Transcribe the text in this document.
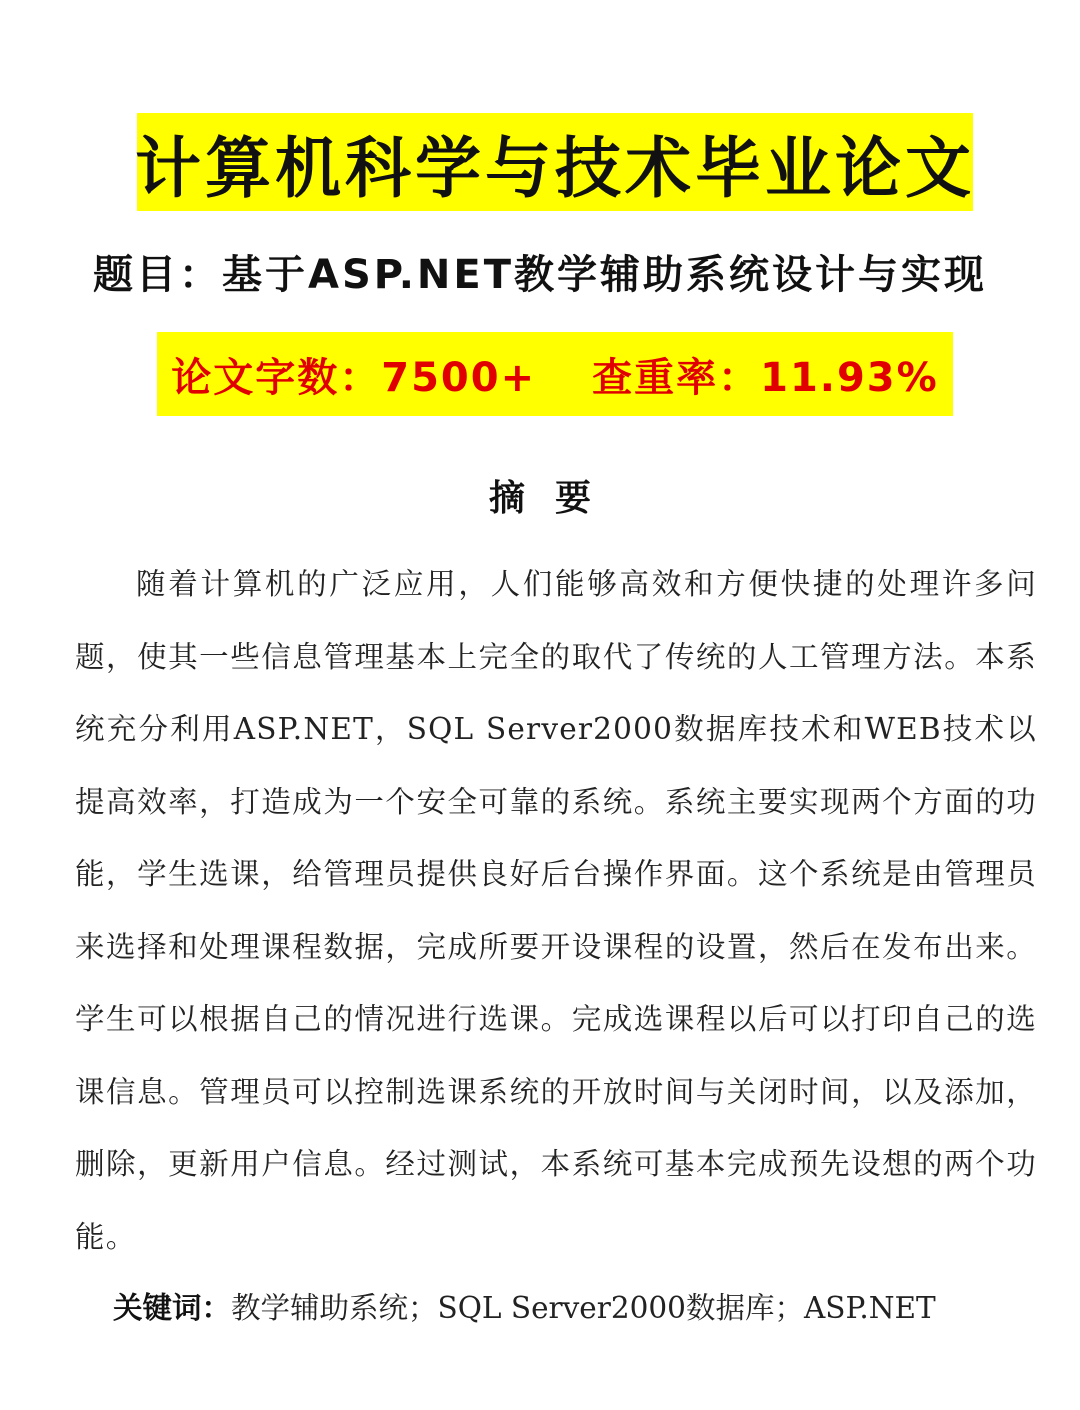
计算机科学与技术毕业论文
题目：基于ASP.NET教学辅助系统设计与实现
论文字数：7500+ 查重率：11.93%
摘要
随着计算机的广泛应用，人们能够高效和方便快捷的处理许多问题，使其一些信息管理基本上完全的取代了传统的人工管理方法。本系统充分利用ASP.NET，SQL Server2000数据库技术和WEB技术以提高效率，打造成为一个安全可靠的系统。系统主要实现两个方面的功能，学生选课，给管理员提供良好后台操作界面。这个系统是由管理员来选择和处理课程数据，完成所要开设课程的设置，然后在发布出来。学生可以根据自己的情况进行选课。完成选课程以后可以打印自己的选课信息。管理员可以控制选课系统的开放时间与关闭时间，以及添加，删除，更新用户信息。经过测试，本系统可基本完成预先设想的两个功能。
关键词：教学辅助系统；SQL Server2000数据库；ASP.NET
